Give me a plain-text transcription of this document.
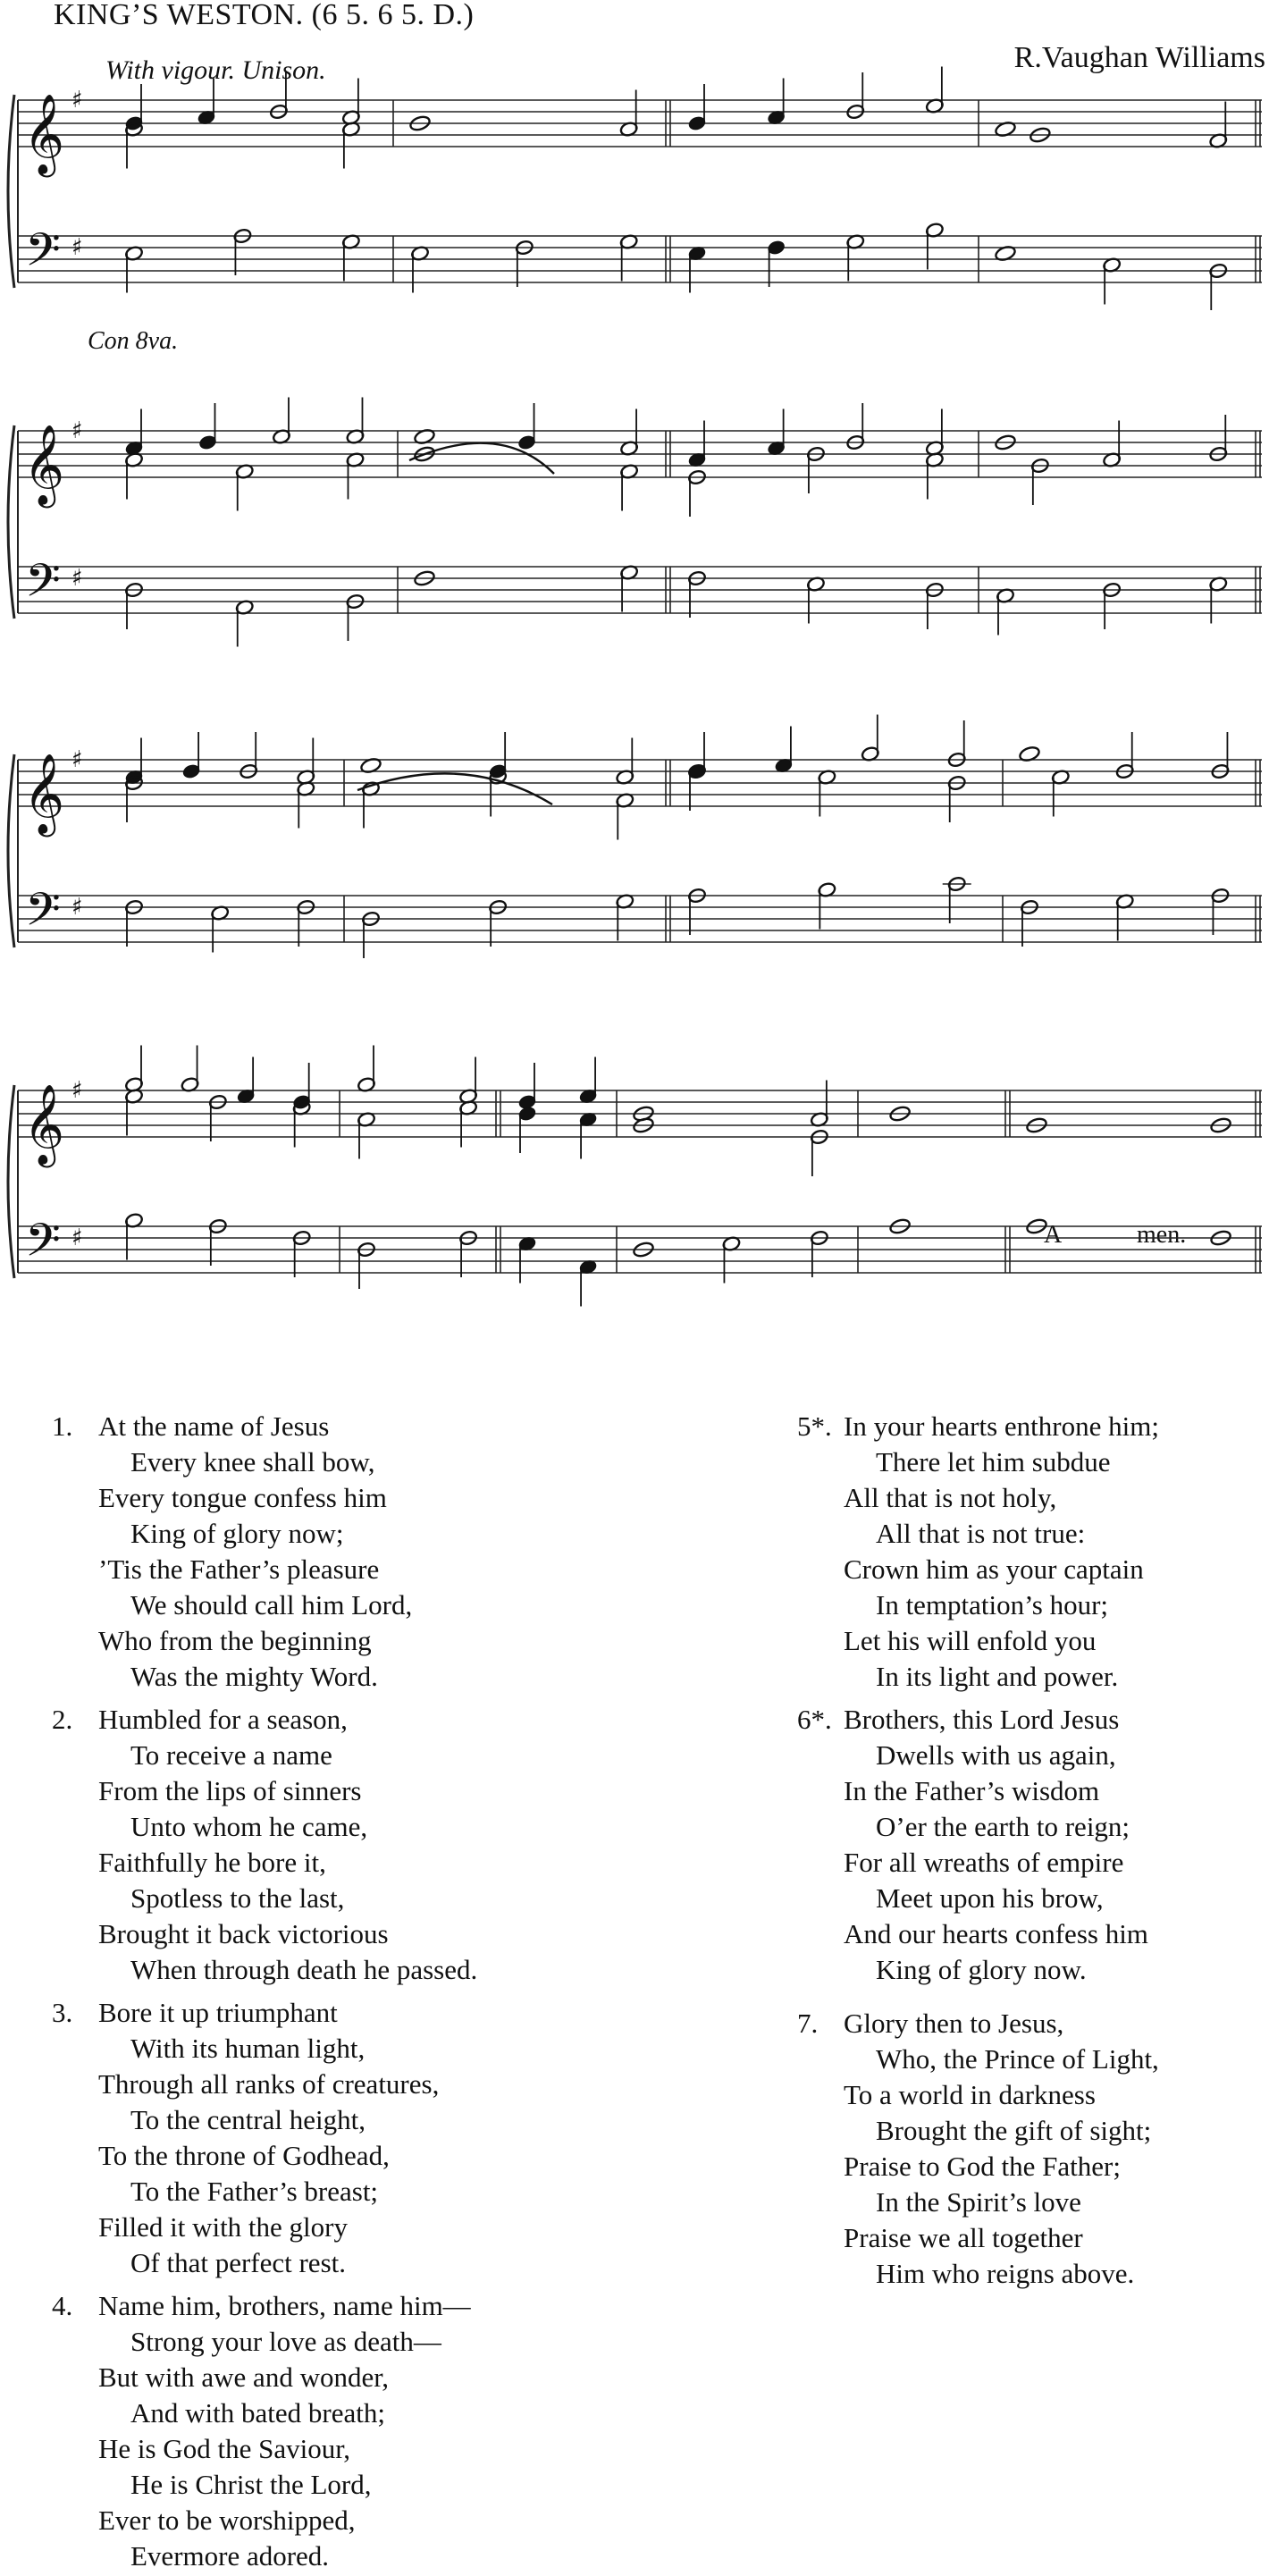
KING’S WESTON. (6 5. 6 5. D.)
R.Vaughan Williams
With vigour. Unison.
Con 8va.
A	men.
𝄞
𝄢
♯
♯
𝄞
𝄢
♯
♯
𝄞
𝄢
♯
♯
𝄞
𝄢
♯
♯
1. At the name of Jesus
Every knee shall bow,
Every tongue confess him
King of glory now;
’Tis the Father’s pleasure
We should call him Lord,
Who from the beginning
Was the mighty Word.
2. Humbled for a season,
To receive a name
From the lips of sinners
Unto whom he came,
Faithfully he bore it,
Spotless to the last,
Brought it back victorious
When through death he passed.
3. Bore it up triumphant
With its human light,
Through all ranks of creatures,
To the central height,
To the throne of Godhead,
To the Father’s breast;
Filled it with the glory
Of that perfect rest.
4. Name him, brothers, name him—
Strong your love as death—
But with awe and wonder,
And with bated breath;
He is God the Saviour,
He is Christ the Lord,
Ever to be worshipped,
Evermore adored.
5*. In your hearts enthrone him;
There let him subdue
All that is not holy,
All that is not true:
Crown him as your captain
In temptation’s hour;
Let his will enfold you
In its light and power.
6*. Brothers, this Lord Jesus
Dwells with us again,
In the Father’s wisdom
O’er the earth to reign;
For all wreaths of empire
Meet upon his brow,
And our hearts confess him
King of glory now.
7. Glory then to Jesus,
Who, the Prince of Light,
To a world in darkness
Brought the gift of sight;
Praise to God the Father;
In the Spirit’s love
Praise we all together
Him who reigns above.
